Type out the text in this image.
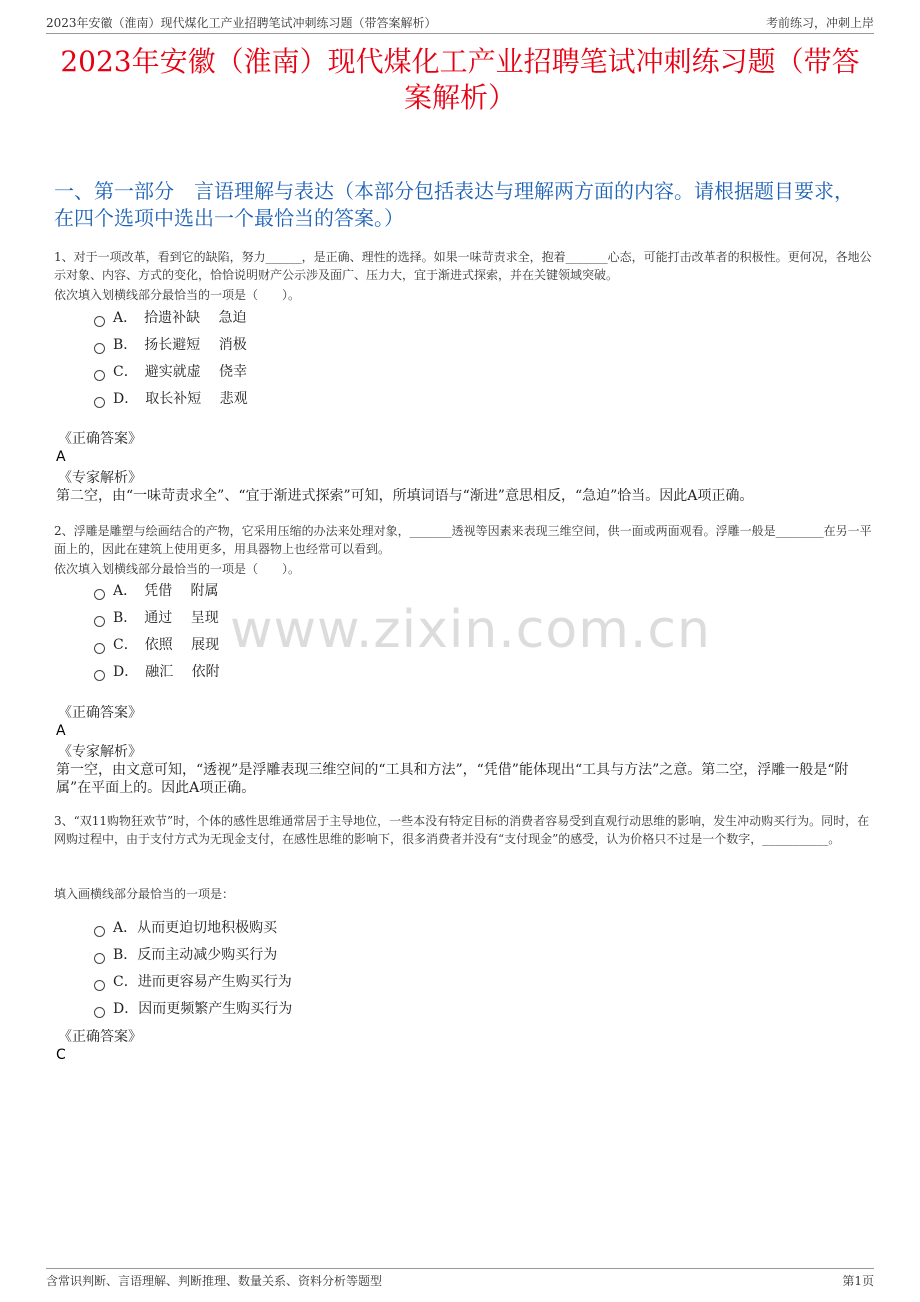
2023年安徽（淮南）现代煤化工产业招聘笔试冲刺练习题（带答案解析）	考前练习，冲刺上岸
2023年安徽（淮南）现代煤化工产业招聘笔试冲刺练习题（带答案解析）
一、第一部分　言语理解与表达（本部分包括表达与理解两方面的内容。请根据题目要求，在四个选项中选出一个最恰当的答案。）
1、对于一项改革，看到它的缺陷，努力______，是正确、理性的选择。如果一味苛责求全，抱着_______心态，可能打击改革者的积极性。更何况，各地公示对象、内容、方式的变化，恰恰说明财产公示涉及面广、压力大，宜于渐进式探索，并在关键领域突破。
依次填入划横线部分最恰当的一项是（　　）。
A．　拾遗补缺　 急迫
B．　扬长避短　 消极
C．　避实就虚　 侥幸
D．　取长补短　 悲观
《正确答案》
A
《专家解析》
第二空，由“一味苛责求全”、“宜于渐进式探索”可知，所填词语与“渐进”意思相反，“急迫”恰当。因此A项正确。
2、浮雕是雕塑与绘画结合的产物，它采用压缩的办法来处理对象，_______透视等因素来表现三维空间，供一面或两面观看。浮雕一般是________在另一平面上的，因此在建筑上使用更多，用具器物上也经常可以看到。
依次填入划横线部分最恰当的一项是（　　）。
A．　凭借　 附属
B．　通过　 呈现
C．　依照　 展现
D．　融汇　 依附
《正确答案》
A
《专家解析》
第一空，由文意可知，“透视”是浮雕表现三维空间的“工具和方法”，“凭借”能体现出“工具与方法”之意。第二空，浮雕一般是“附属”在平面上的。因此A项正确。
www.zixin.com.cn
3、“双11购物狂欢节”时，个体的感性思维通常居于主导地位，一些本没有特定目标的消费者容易受到直观行动思维的影响，发生冲动购买行为。同时，在网购过程中，由于支付方式为无现金支付，在感性思维的影响下，很多消费者并没有“支付现金”的感受，认为价格只不过是一个数字，___________。
填入画横线部分最恰当的一项是：
A．从而更迫切地积极购买
B．反而主动减少购买行为
C．进而更容易产生购买行为
D．因而更频繁产生购买行为
《正确答案》
C
含常识判断、言语理解、判断推理、数量关系、资料分析等题型	第1页
